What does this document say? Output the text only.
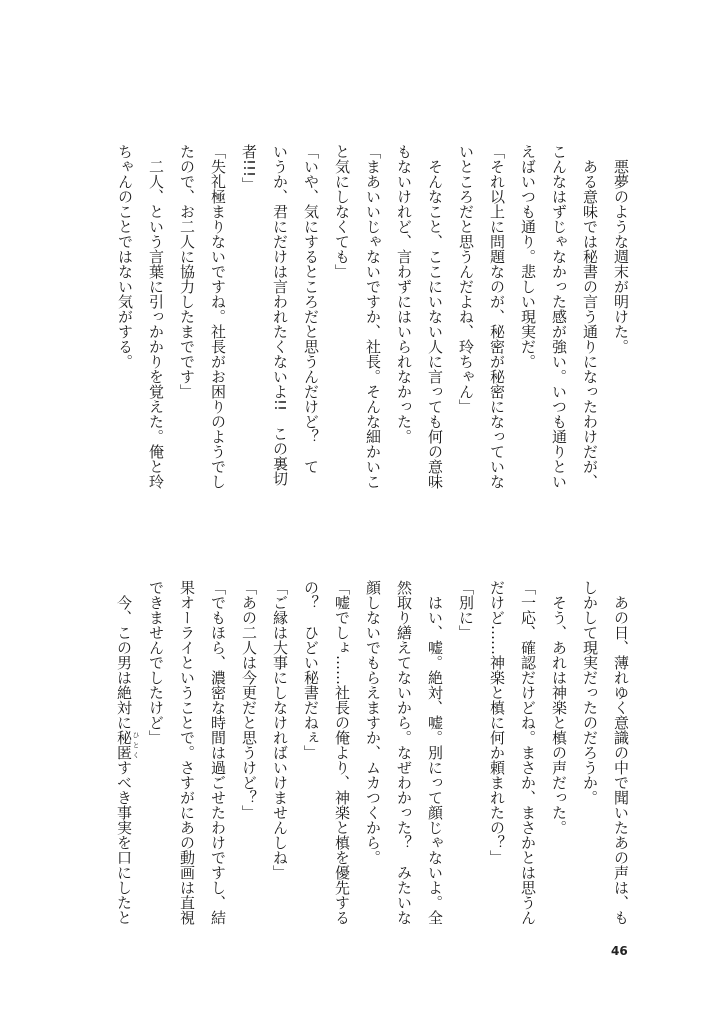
　悪夢のような週末が明けた。

　ある意味では秘書の言う通りになったわけだが、

こんなはずじゃなかった感が強い。いつも通りとい

えばいつも通り。悲しい現実だ。

「それ以上に問題なのが、秘密が秘密になっていな

いところだと思うんだよね、玲ちゃん」

　そんなこと、ここにいない人に言っても何の意味

もないけれど、言わずにはいられなかった。

「まあいいじゃないですか、社長。そんな細かいこ

と気にしなくても」

「いや、気にするところだと思うんだけど？　て

いうか、君にだけは言われたくないよ!!　この裏切

者!!!」

「失礼極まりないですね。社長がお困りのようでし

たので、お二人に協力したまでです」

　二人、という言葉に引っかかりを覚えた。俺と玲

ちゃんのことではない気がする。

　あの日、薄れゆく意識の中で聞いたあの声は、も

しかして現実だったのだろうか。

　そう、あれは神楽と槙の声だった。

「一応、確認だけどね。まさか、まさかとは思うん

だけど……神楽と槙に何か頼まれたの？」

「別に」

　はい、嘘。絶対、嘘。別にって顔じゃないよ。全

然取り繕えてないから。なぜわかった？　みたいな

顔しないでもらえますか、ムカつくから。

「嘘でしょ……社長の俺より、神楽と槙を優先する

の？　ひどい秘書だねぇ」

「ご縁は大事にしなければいけませんしね」

「あの二人は今更だと思うけど？」

「でもほら、濃密な時間は過ごせたわけですし、結

果オーライということで。さすがにあの動画は直視

できませんでしたけど」

　今、この男は絶対に秘匿 ひとくすべき事実を口にしたと

46
